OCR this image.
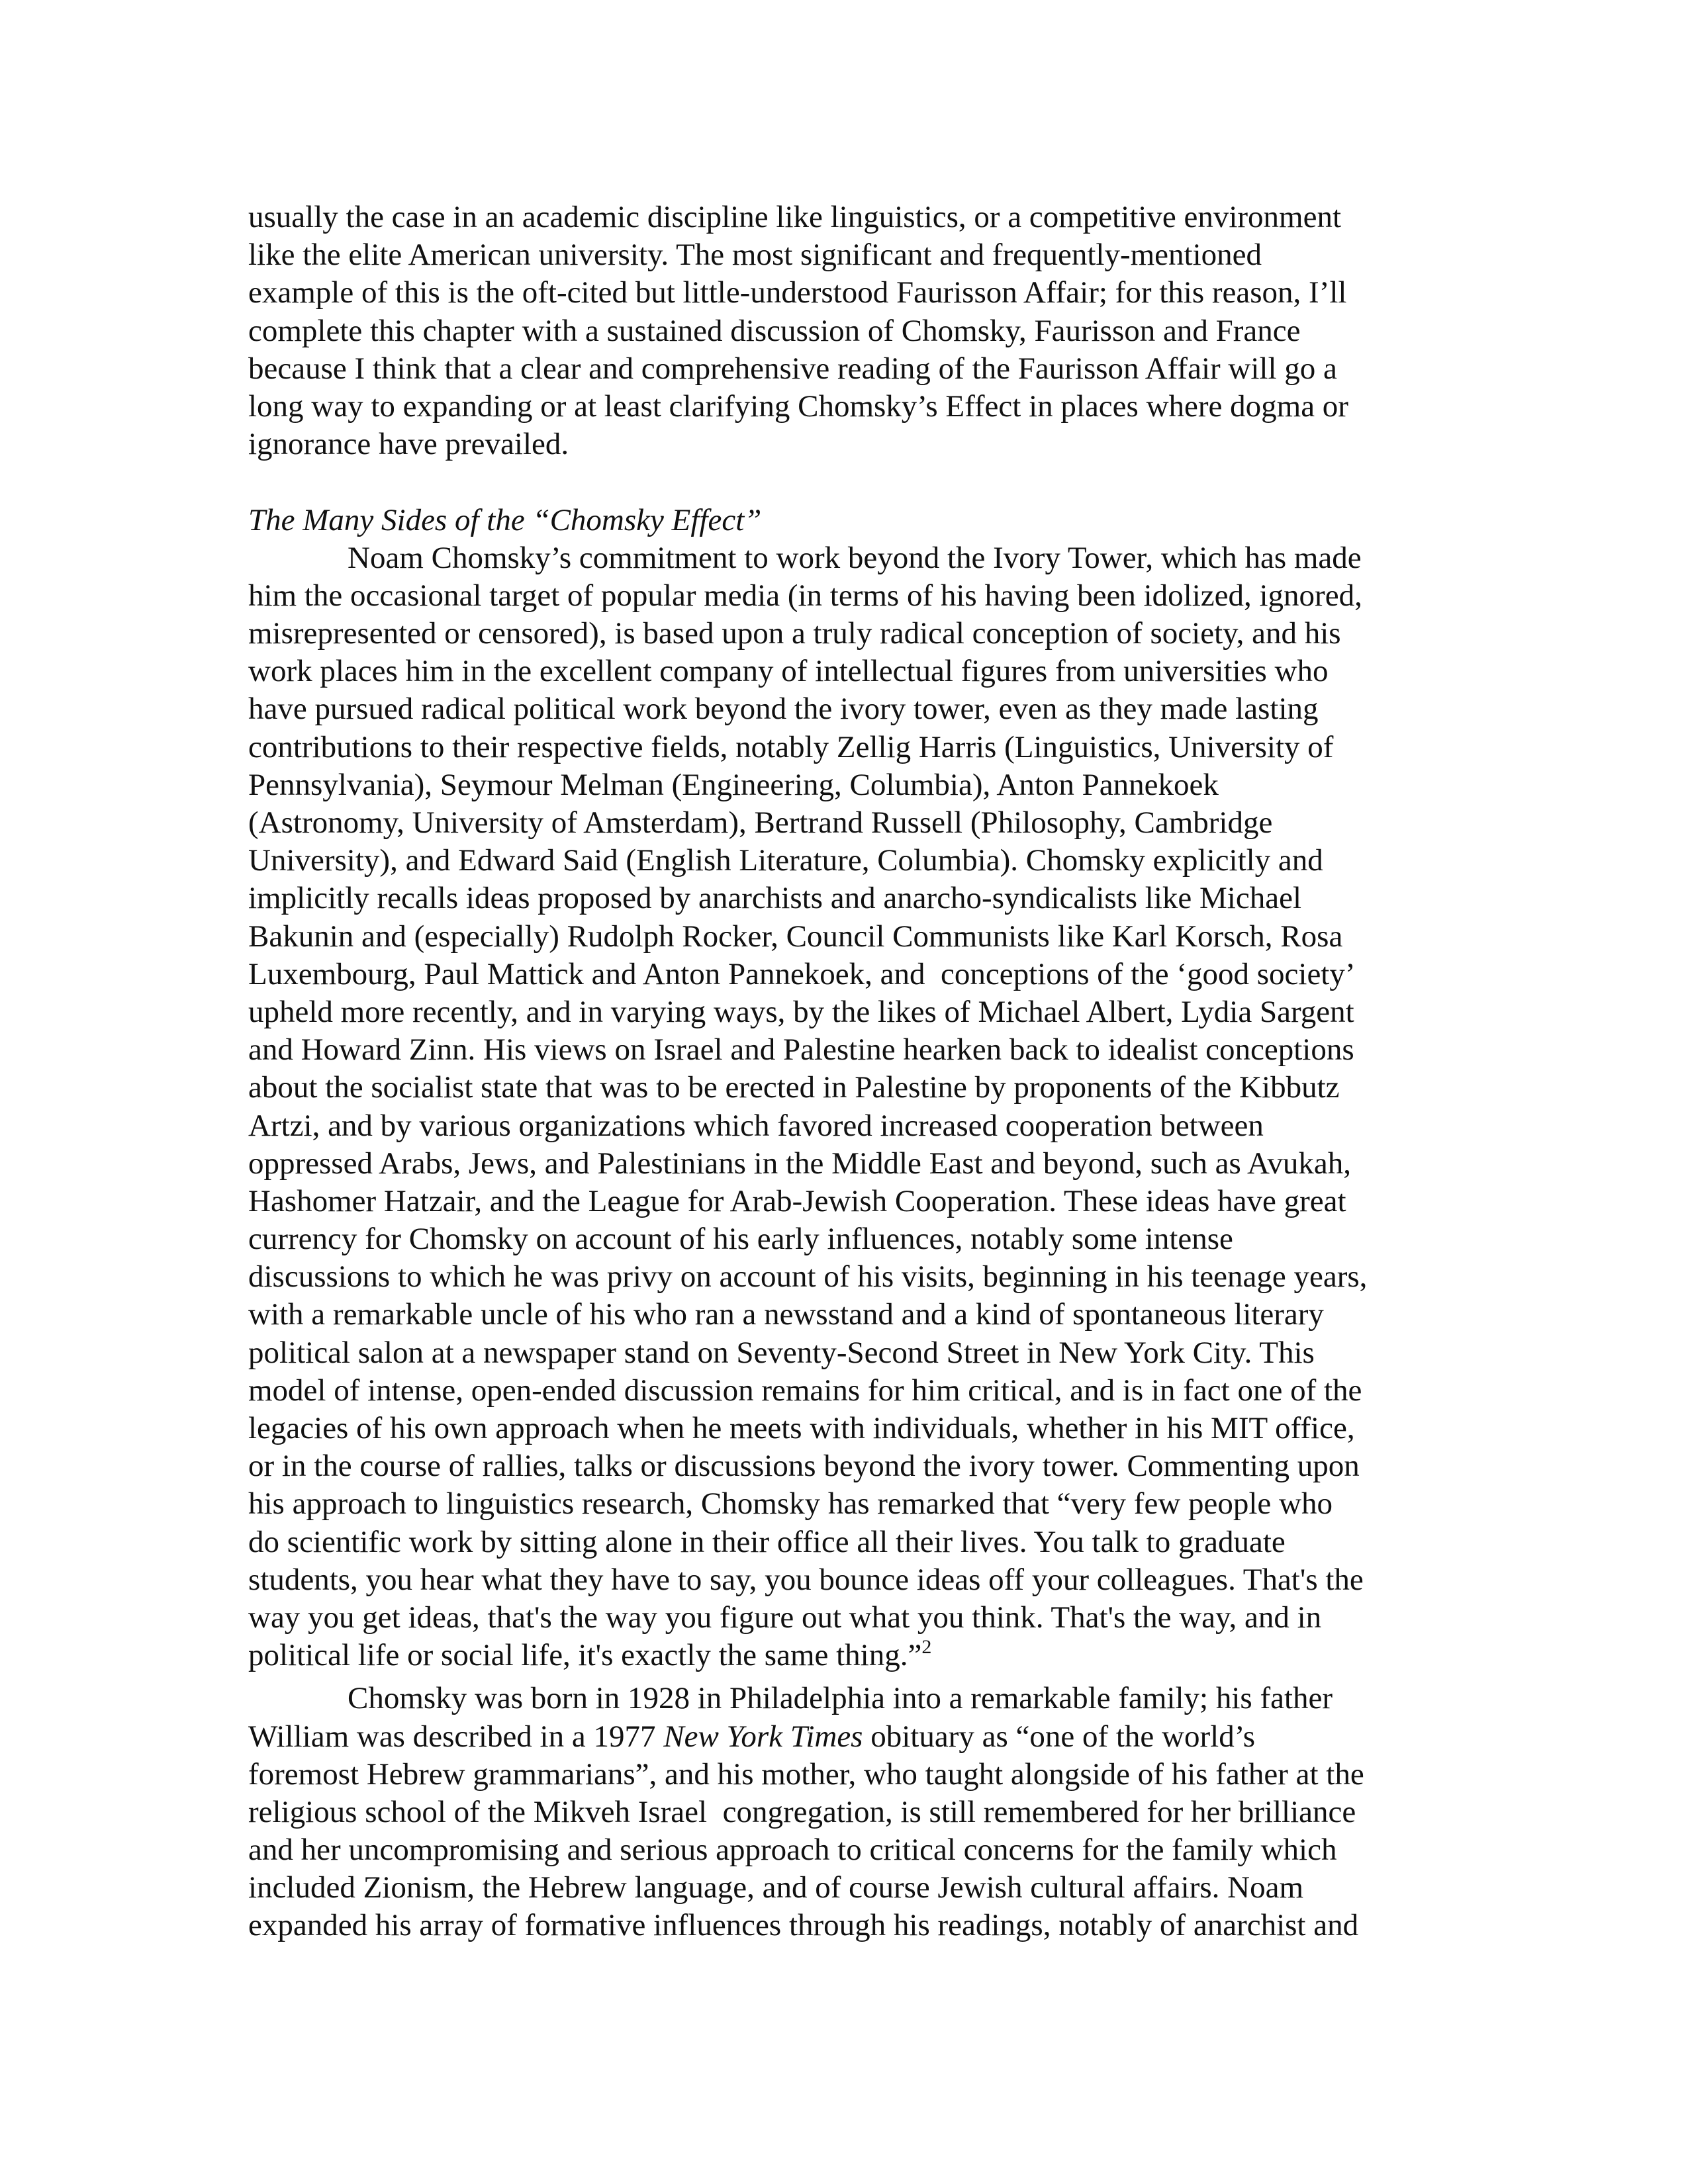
usually the case in an academic discipline like linguistics, or a competitive environment
like the elite American university. The most significant and frequently-mentioned
example of this is the oft-cited but little-understood Faurisson Affair; for this reason, I’ll
complete this chapter with a sustained discussion of Chomsky, Faurisson and France
because I think that a clear and comprehensive reading of the Faurisson Affair will go a
long way to expanding or at least clarifying Chomsky’s Effect in places where dogma or
ignorance have prevailed.
The Many Sides of the “Chomsky Effect”
Noam Chomsky’s commitment to work beyond the Ivory Tower, which has made
him the occasional target of popular media (in terms of his having been idolized, ignored,
misrepresented or censored), is based upon a truly radical conception of society, and his
work places him in the excellent company of intellectual figures from universities who
have pursued radical political work beyond the ivory tower, even as they made lasting
contributions to their respective fields, notably Zellig Harris (Linguistics, University of
Pennsylvania), Seymour Melman (Engineering, Columbia), Anton Pannekoek
(Astronomy, University of Amsterdam), Bertrand Russell (Philosophy, Cambridge
University), and Edward Said (English Literature, Columbia). Chomsky explicitly and
implicitly recalls ideas proposed by anarchists and anarcho-syndicalists like Michael
Bakunin and (especially) Rudolph Rocker, Council Communists like Karl Korsch, Rosa
Luxembourg, Paul Mattick and Anton Pannekoek, and  conceptions of the ‘good society’
upheld more recently, and in varying ways, by the likes of Michael Albert, Lydia Sargent
and Howard Zinn. His views on Israel and Palestine hearken back to idealist conceptions
about the socialist state that was to be erected in Palestine by proponents of the Kibbutz
Artzi, and by various organizations which favored increased cooperation between
oppressed Arabs, Jews, and Palestinians in the Middle East and beyond, such as Avukah,
Hashomer Hatzair, and the League for Arab-Jewish Cooperation. These ideas have great
currency for Chomsky on account of his early influences, notably some intense
discussions to which he was privy on account of his visits, beginning in his teenage years,
with a remarkable uncle of his who ran a newsstand and a kind of spontaneous literary
political salon at a newspaper stand on Seventy-Second Street in New York City. This
model of intense, open-ended discussion remains for him critical, and is in fact one of the
legacies of his own approach when he meets with individuals, whether in his MIT office,
or in the course of rallies, talks or discussions beyond the ivory tower. Commenting upon
his approach to linguistics research, Chomsky has remarked that “very few people who
do scientific work by sitting alone in their office all their lives. You talk to graduate
students, you hear what they have to say, you bounce ideas off your colleagues. That's the
way you get ideas, that's the way you figure out what you think. That's the way, and in
political life or social life, it's exactly the same thing.”$^2$
Chomsky was born in 1928 in Philadelphia into a remarkable family; his father
William was described in a 1977 New York Times obituary as “one of the world’s
foremost Hebrew grammarians”, and his mother, who taught alongside of his father at the
religious school of the Mikveh Israel  congregation, is still remembered for her brilliance
and her uncompromising and serious approach to critical concerns for the family which
included Zionism, the Hebrew language, and of course Jewish cultural affairs. Noam
expanded his array of formative influences through his readings, notably of anarchist and
